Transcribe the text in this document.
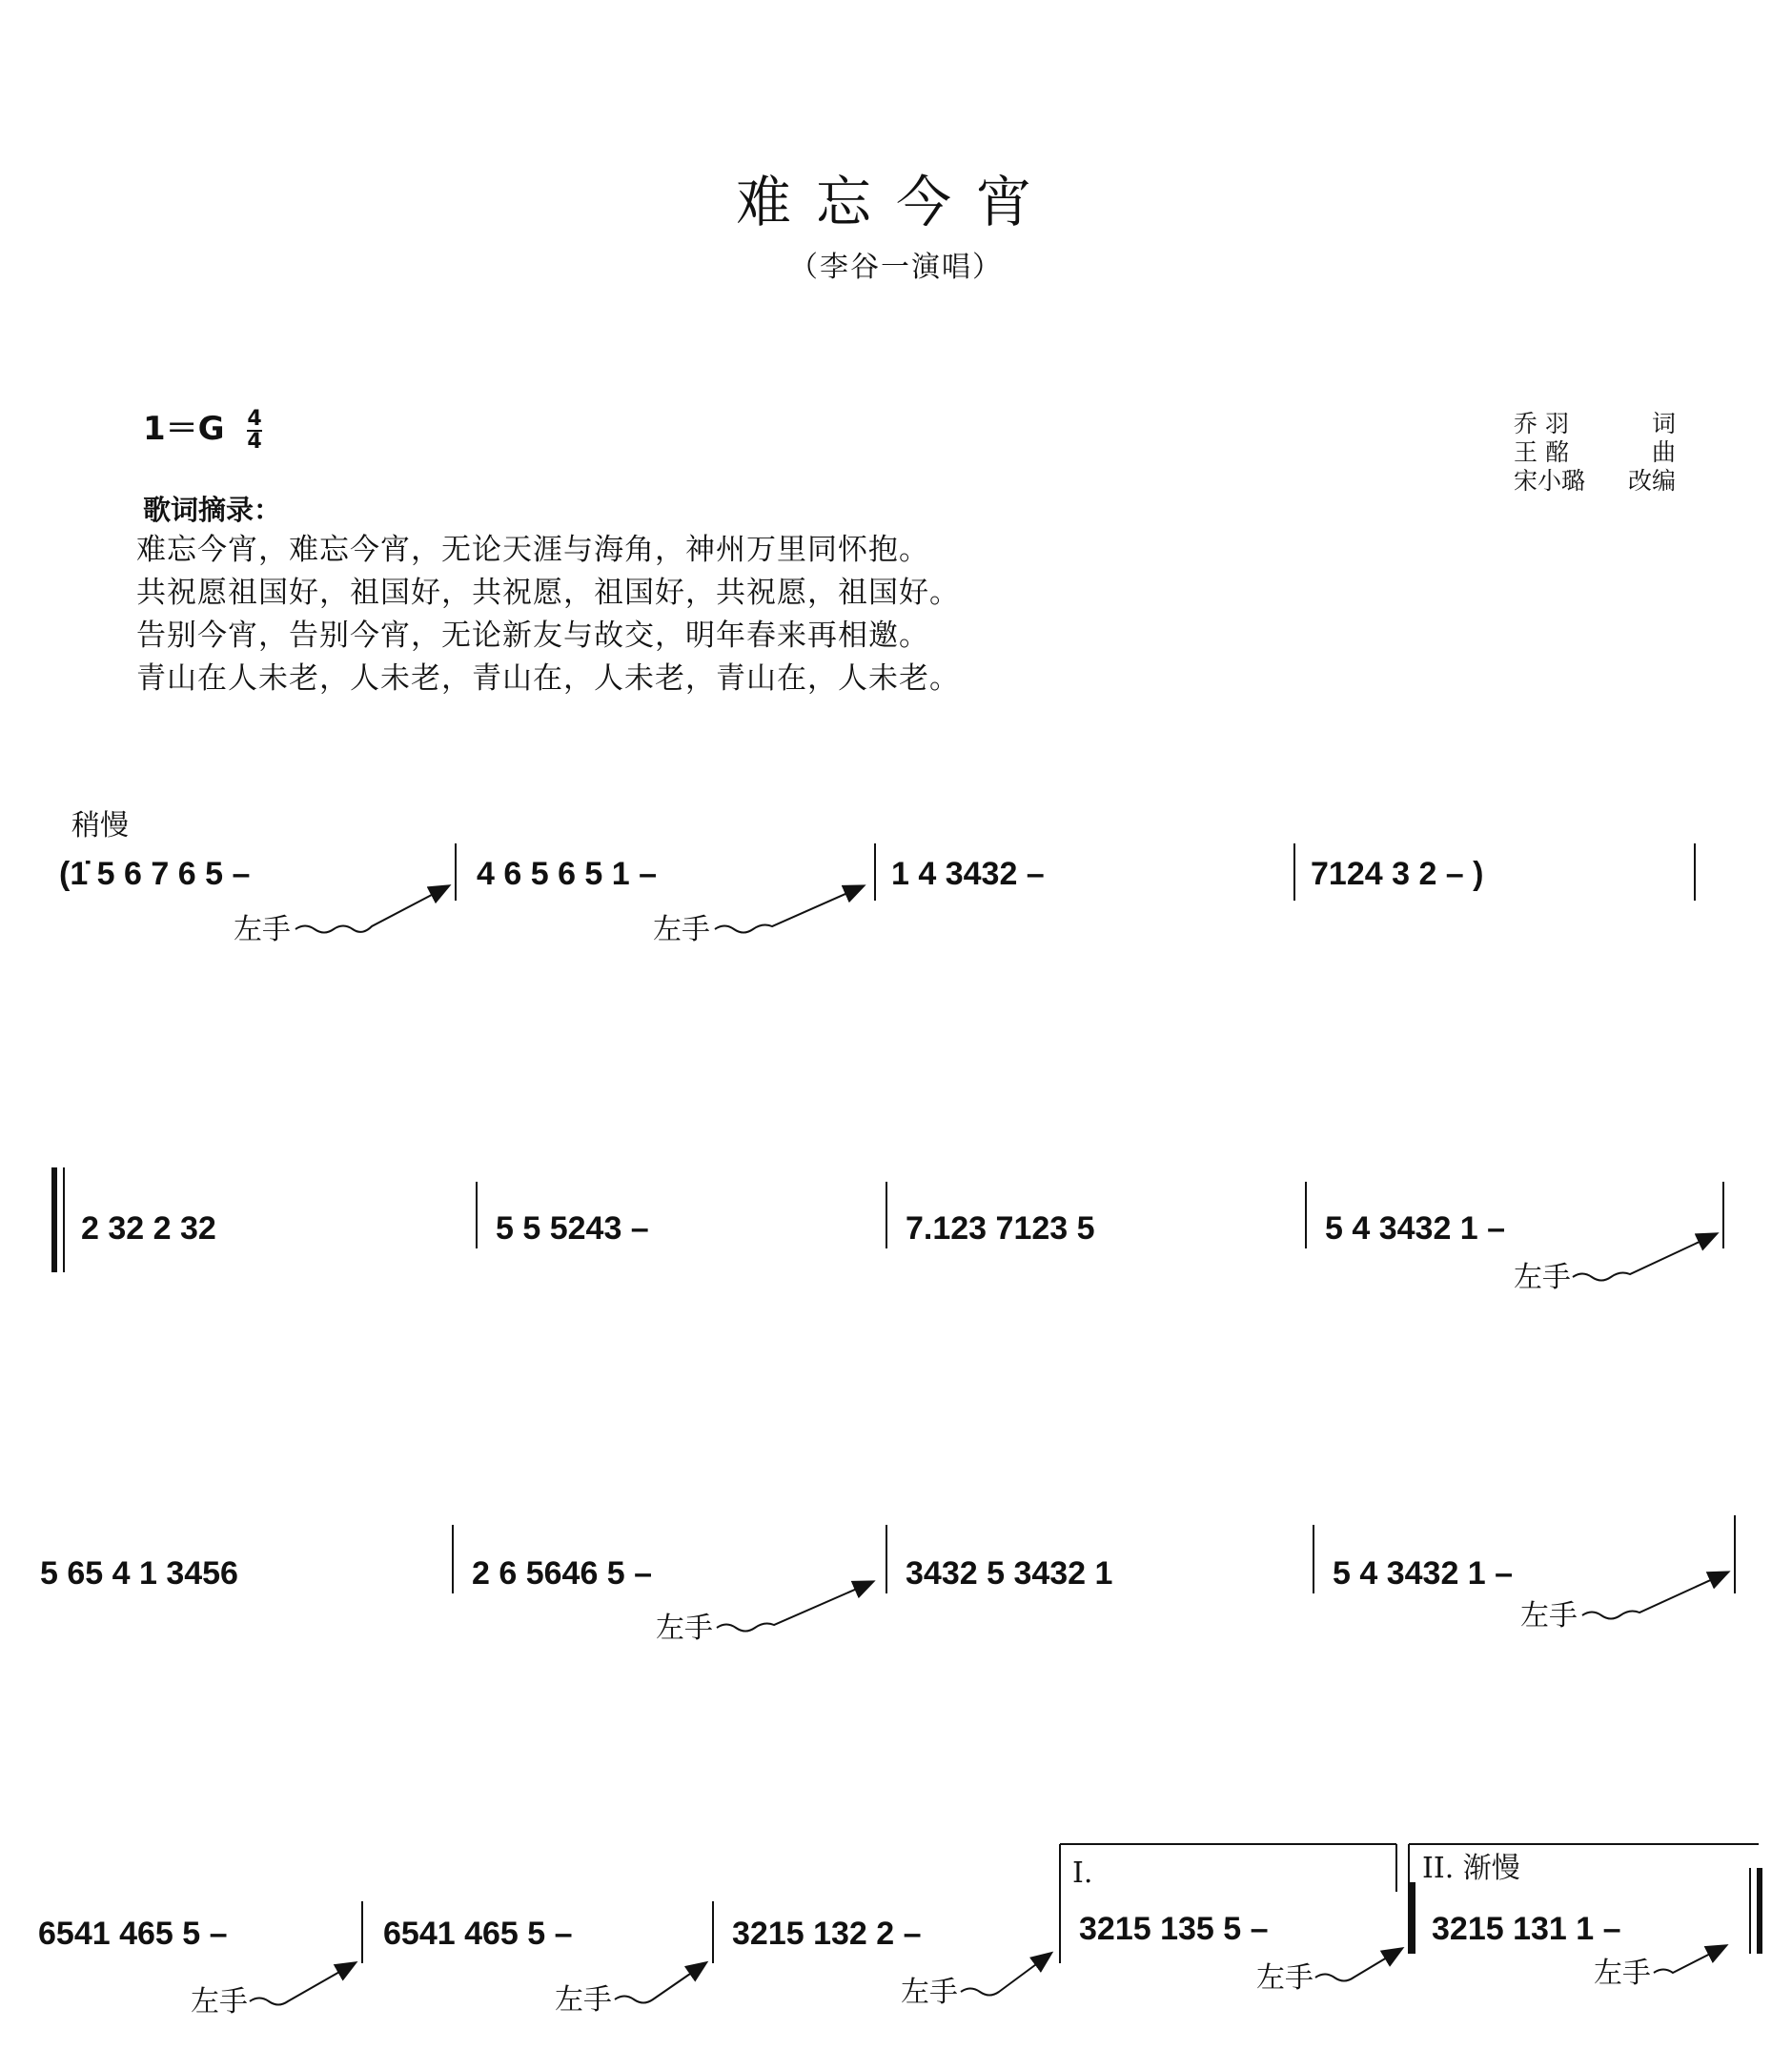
难忘今宵
（李谷一演唱）
$1=G \frac{4}{4}$	乔 羽	词
王 酩	曲
宋小璐 改编
歌词摘录：
难忘今宵，难忘今宵，无论天涯与海角，神州万里同怀抱。
共祝愿祖国好，祖国好，共祝愿，祖国好，共祝愿，祖国好。
告别今宵，告别今宵，无论新友与故交，明年春来再相邀。
青山在人未老，人未老，青山在，人未老，青山在，人未老。
稍慢
(1̇ 5 6 7 6 5 –	4 6 5 6 5 1 –	1 4 3432 –	7124 3 2 – )
左手	左手
2 32 2 32	5 5 5243 –	7.123 7123 5	5 4 3432 1 –
左手
5 65 4 1 3456	2 6 5646 5 –	3432 5 3432 1	5 4 3432 1 –
左手	左手
6541 465 5 –	6541 465 5 –	3215 132 2 –
I.
3215 135 5 –
II. 渐慢
3215 131 1 –
左手	左手	左手	左手	左手
